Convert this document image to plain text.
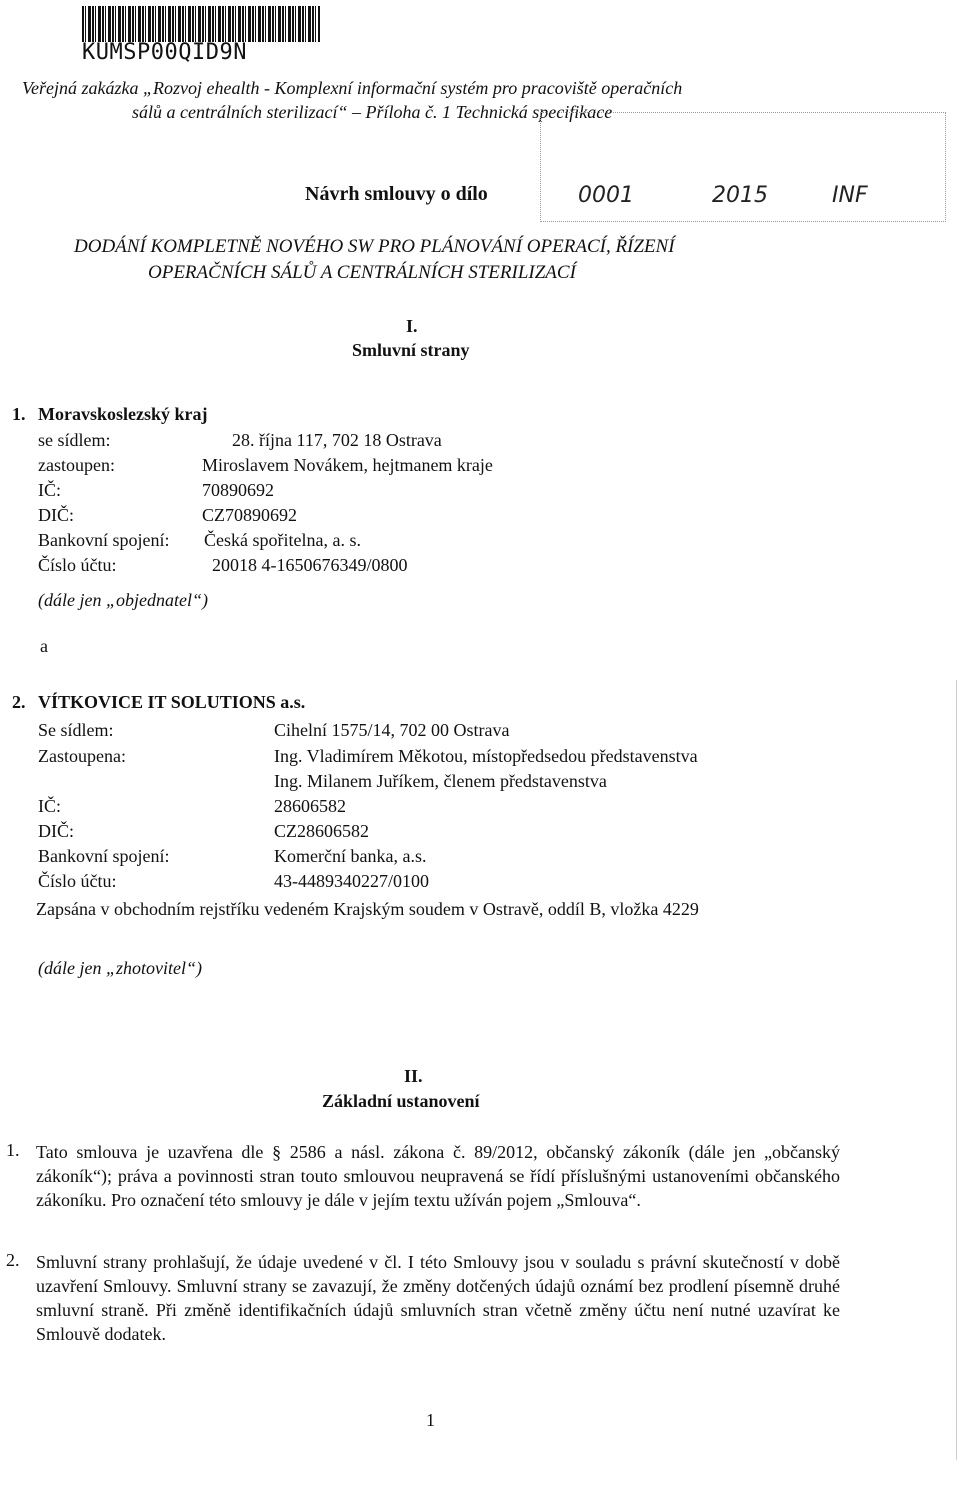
KUMSP00QID9N
Veřejná zakázka „Rozvoj ehealth - Komplexní informační systém pro pracoviště operačních
sálů a centrálních sterilizací“ – Příloha č. 1 Technická specifikace
Návrh smlouvy o dílo	0001	2015	INF
DODÁNÍ KOMPLETNĚ NOVÉHO SW PRO PLÁNOVÁNÍ OPERACÍ, ŘÍZENÍ
OPERAČNÍCH SÁLŮ A CENTRÁLNÍCH STERILIZACÍ
I.
Smluvní strany
1. Moravskoslezský kraj
se sídlem:	28. října 117, 702 18 Ostrava
zastoupen:	Miroslavem Novákem, hejtmanem kraje
IČ:	70890692
DIČ:	CZ70890692
Bankovní spojení: Česká spořitelna, a. s.
Číslo účtu:	20018 4-1650676349/0800
(dále jen „objednatel“)
a
2. VÍTKOVICE IT SOLUTIONS a.s.
Se sídlem:	Cihelní 1575/14, 702 00 Ostrava
Zastoupena:	Ing. Vladimírem Měkotou, místopředsedou představenstva
Ing. Milanem Juříkem, členem představenstva
IČ:	28606582
DIČ:	CZ28606582
Bankovní spojení:	Komerční banka, a.s.
Číslo účtu:	43-4489340227/0100
Zapsána v obchodním rejstříku vedeném Krajským soudem v Ostravě, oddíl B, vložka 4229
(dále jen „zhotovitel“)
II.
Základní ustanovení
1. Tato smlouva je uzavřena dle § 2586 a násl. zákona č. 89/2012, občanský zákoník (dále jen „občanský zákoník“); práva a povinnosti stran touto smlouvou neupravená se řídí příslušnými ustanoveními občanského zákoníku. Pro označení této smlouvy je dále v jejím textu užíván pojem „Smlouva“.
2. Smluvní strany prohlašují, že údaje uvedené v čl. I této Smlouvy jsou v souladu s právní skutečností v době uzavření Smlouvy. Smluvní strany se zavazují, že změny dotčených údajů oznámí bez prodlení písemně druhé smluvní straně. Při změně identifikačních údajů smluvních stran včetně změny účtu není nutné uzavírat ke Smlouvě dodatek.
1
